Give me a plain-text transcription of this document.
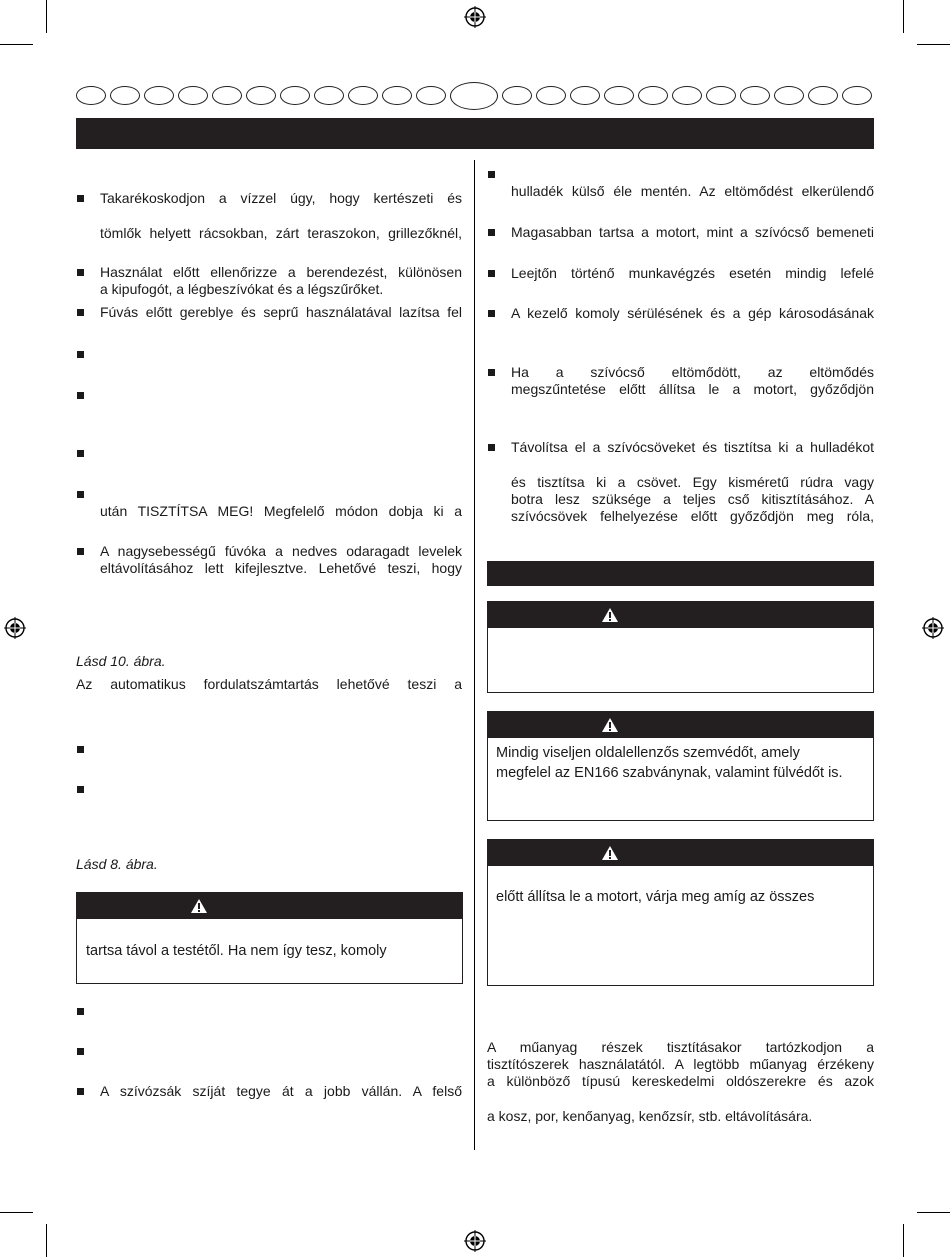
Takarékoskodjon a vízzel úgy, hogy kertészeti és
tömlők helyett rácsokban, zárt teraszokon, grillezőknél,
Használat előtt ellenőrizze a berendezést, különösen
a kipufogót, a légbeszívókat és a légszűrőket.
Fúvás előtt gereblye és seprű használatával lazítsa fel
után TISZTÍTSA MEG! Megfelelő módon dobja ki a
A nagysebességű fúvóka a nedves odaragadt levelek
eltávolításához lett kifejlesztve. Lehetővé teszi, hogy
Lásd 10. ábra.
Az automatikus fordulatszámtartás lehetővé teszi a
Lásd 8. ábra.
tartsa távol a testétől. Ha nem így tesz, komoly
A szívózsák szíját tegye át a jobb vállán. A felső
hulladék külső éle mentén. Az eltömődést elkerülendő
Magasabban tartsa a motort, mint a szívócső bemeneti
Leejtőn történő munkavégzés esetén mindig lefelé
A kezelő komoly sérülésének és a gép károsodásának
Ha a szívócső eltömődött, az eltömődés
megszűntetése előtt állítsa le a motort, győződjön
Távolítsa el a szívócsöveket és tisztítsa ki a hulladékot
és tisztítsa ki a csövet. Egy kisméretű rúdra vagy
botra lesz szüksége a teljes cső kitisztításához. A
szívócsövek felhelyezése előtt győződjön meg róla,
Mindig viseljen oldalellenzős szemvédőt, amely
megfelel az EN166 szabványnak, valamint fülvédőt is.
előtt állítsa le a motort, várja meg amíg az összes
A műanyag részek tisztításakor tartózkodjon a
tisztítószerek használatától. A legtöbb műanyag érzékeny
a különböző típusú kereskedelmi oldószerekre és azok
a kosz, por, kenőanyag, kenőzsír, stb. eltávolítására.
